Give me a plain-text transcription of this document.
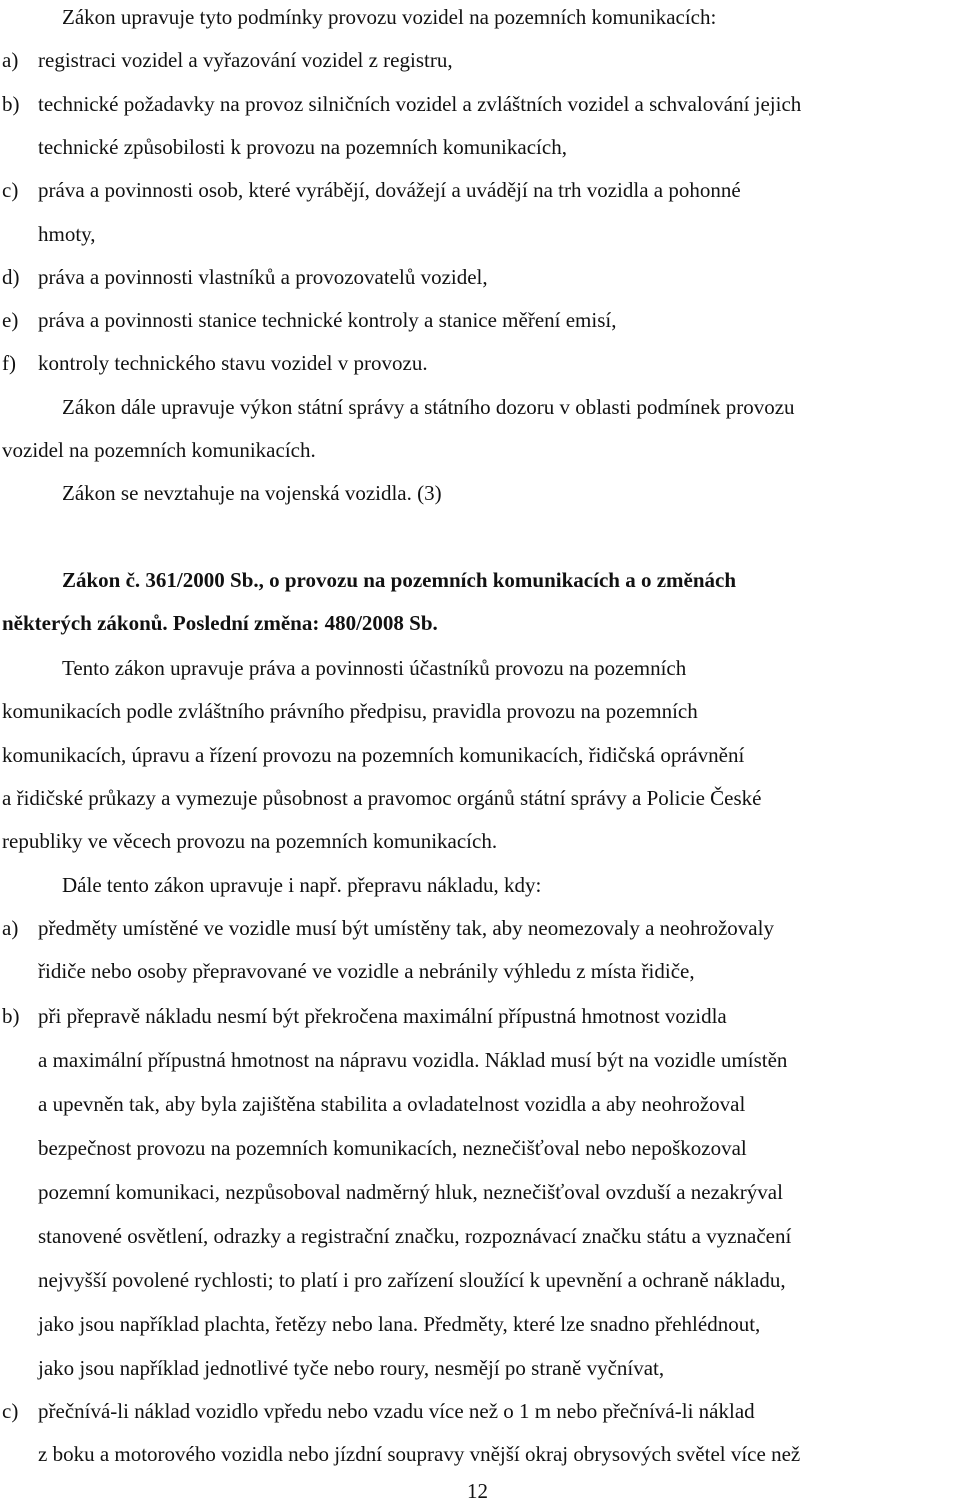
Zákon upravuje tyto podmínky provozu vozidel na pozemních komunikacích:
a) registraci vozidel a vyřazování vozidel z registru,
b) technické požadavky na provoz silničních vozidel a zvláštních vozidel a schvalování jejich
technické způsobilosti k provozu na pozemních komunikacích,
c) práva a povinnosti osob, které vyrábějí, dovážejí a uvádějí na trh vozidla a pohonné
hmoty,
d) práva a povinnosti vlastníků a provozovatelů vozidel,
e) práva a povinnosti stanice technické kontroly a stanice měření emisí,
f) kontroly technického stavu vozidel v provozu.
Zákon dále upravuje výkon státní správy a státního dozoru v oblasti podmínek provozu
vozidel na pozemních komunikacích.
Zákon se nevztahuje na vojenská vozidla. (3)
Zákon č. 361/2000 Sb., o provozu na pozemních komunikacích a o změnách
některých zákonů. Poslední změna: 480/2008 Sb.
Tento zákon upravuje práva a povinnosti účastníků provozu na pozemních
komunikacích podle zvláštního právního předpisu, pravidla provozu na pozemních
komunikacích, úpravu a řízení provozu na pozemních komunikacích, řidičská oprávnění
a řidičské průkazy a vymezuje působnost a pravomoc orgánů státní správy a Policie České
republiky ve věcech provozu na pozemních komunikacích.
Dále tento zákon upravuje i např. přepravu nákladu, kdy:
a) předměty umístěné ve vozidle musí být umístěny tak, aby neomezovaly a neohrožovaly
řidiče nebo osoby přepravované ve vozidle a nebránily výhledu z místa řidiče,
b) při přepravě nákladu nesmí být překročena maximální přípustná hmotnost vozidla
a maximální přípustná hmotnost na nápravu vozidla. Náklad musí být na vozidle umístěn
a upevněn tak, aby byla zajištěna stabilita a ovladatelnost vozidla a aby neohrožoval
bezpečnost provozu na pozemních komunikacích, neznečišťoval nebo nepoškozoval
pozemní komunikaci, nezpůsoboval nadměrný hluk, neznečišťoval ovzduší a nezakrýval
stanovené osvětlení, odrazky a registrační značku, rozpoznávací značku státu a vyznačení
nejvyšší povolené rychlosti; to platí i pro zařízení sloužící k upevnění a ochraně nákladu,
jako jsou například plachta, řetězy nebo lana. Předměty, které lze snadno přehlédnout,
jako jsou například jednotlivé tyče nebo roury, nesmějí po straně vyčnívat,
c) přečnívá-li náklad vozidlo vpředu nebo vzadu více než o 1 m nebo přečnívá-li náklad
z boku a motorového vozidla nebo jízdní soupravy vnější okraj obrysových světel více než
12
